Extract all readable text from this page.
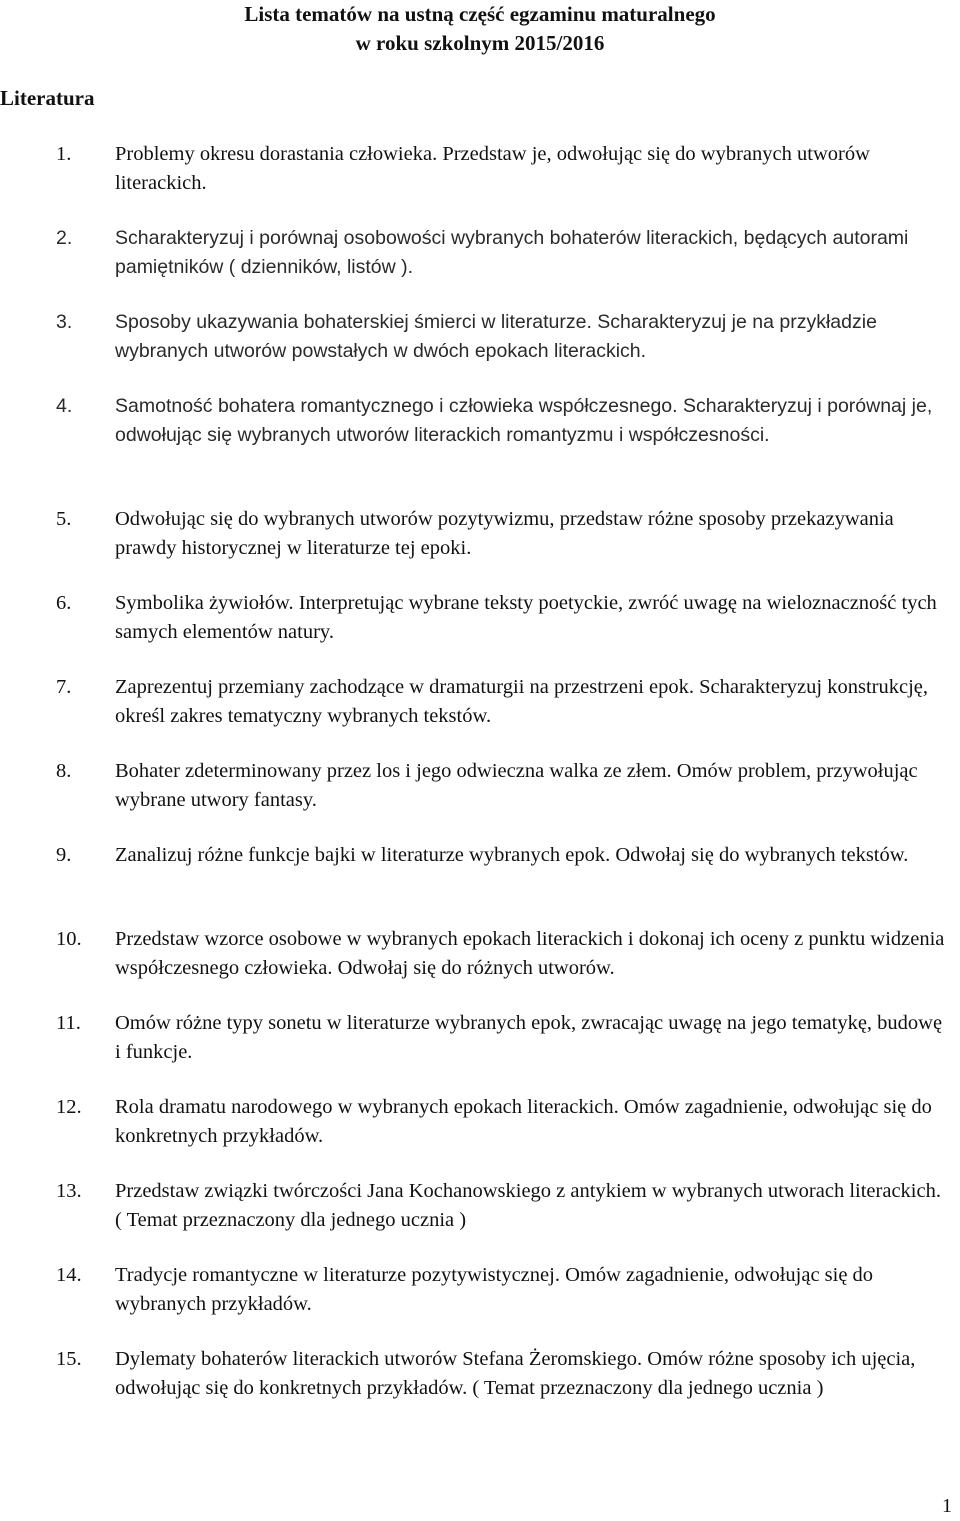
Lista tematów na ustną część egzaminu maturalnego
w roku szkolnym 2015/2016
Literatura
1. Problemy okresu dorastania człowieka. Przedstaw je, odwołując się do wybranych utworów literackich.

2. Scharakteryzuj i porównaj osobowości wybranych bohaterów literackich, będących autorami pamiętników ( dzienników, listów ).

3. Sposoby ukazywania bohaterskiej śmierci w literaturze. Scharakteryzuj je na przykładzie wybranych utworów powstałych w dwóch epokach literackich.

4. Samotność bohatera romantycznego i człowieka współczesnego. Scharakteryzuj i porównaj je, odwołując się wybranych utworów literackich romantyzmu i współczesności.

5. Odwołując się do wybranych utworów pozytywizmu, przedstaw różne sposoby przekazywania prawdy historycznej w literaturze tej epoki.

6. Symbolika żywiołów. Interpretując wybrane teksty poetyckie, zwróć uwagę na wieloznaczność tych samych elementów natury.

7. Zaprezentuj przemiany zachodzące w dramaturgii na przestrzeni epok. Scharakteryzuj konstrukcję, określ zakres tematyczny wybranych tekstów.

8. Bohater zdeterminowany przez los i jego odwieczna walka ze złem. Omów problem, przywołując wybrane utwory fantasy.

9. Zanalizuj różne funkcje bajki w literaturze wybranych epok. Odwołaj się do wybranych tekstów.

10. Przedstaw wzorce osobowe w wybranych epokach literackich i dokonaj ich oceny z punktu widzenia współczesnego człowieka. Odwołaj się do różnych utworów.

11. Omów różne typy sonetu w literaturze wybranych epok, zwracając uwagę na jego tematykę, budowę i funkcje.

12. Rola dramatu narodowego w wybranych epokach literackich. Omów zagadnienie, odwołując się do konkretnych przykładów.

13. Przedstaw związki twórczości Jana Kochanowskiego z antykiem w wybranych utworach literackich. ( Temat przeznaczony dla jednego ucznia )

14. Tradycje romantyczne w literaturze pozytywistycznej. Omów zagadnienie, odwołując się do wybranych przykładów.

15. Dylematy bohaterów literackich utworów Stefana Żeromskiego. Omów różne sposoby ich ujęcia, odwołując się do konkretnych przykładów. ( Temat przeznaczony dla jednego ucznia )

1
